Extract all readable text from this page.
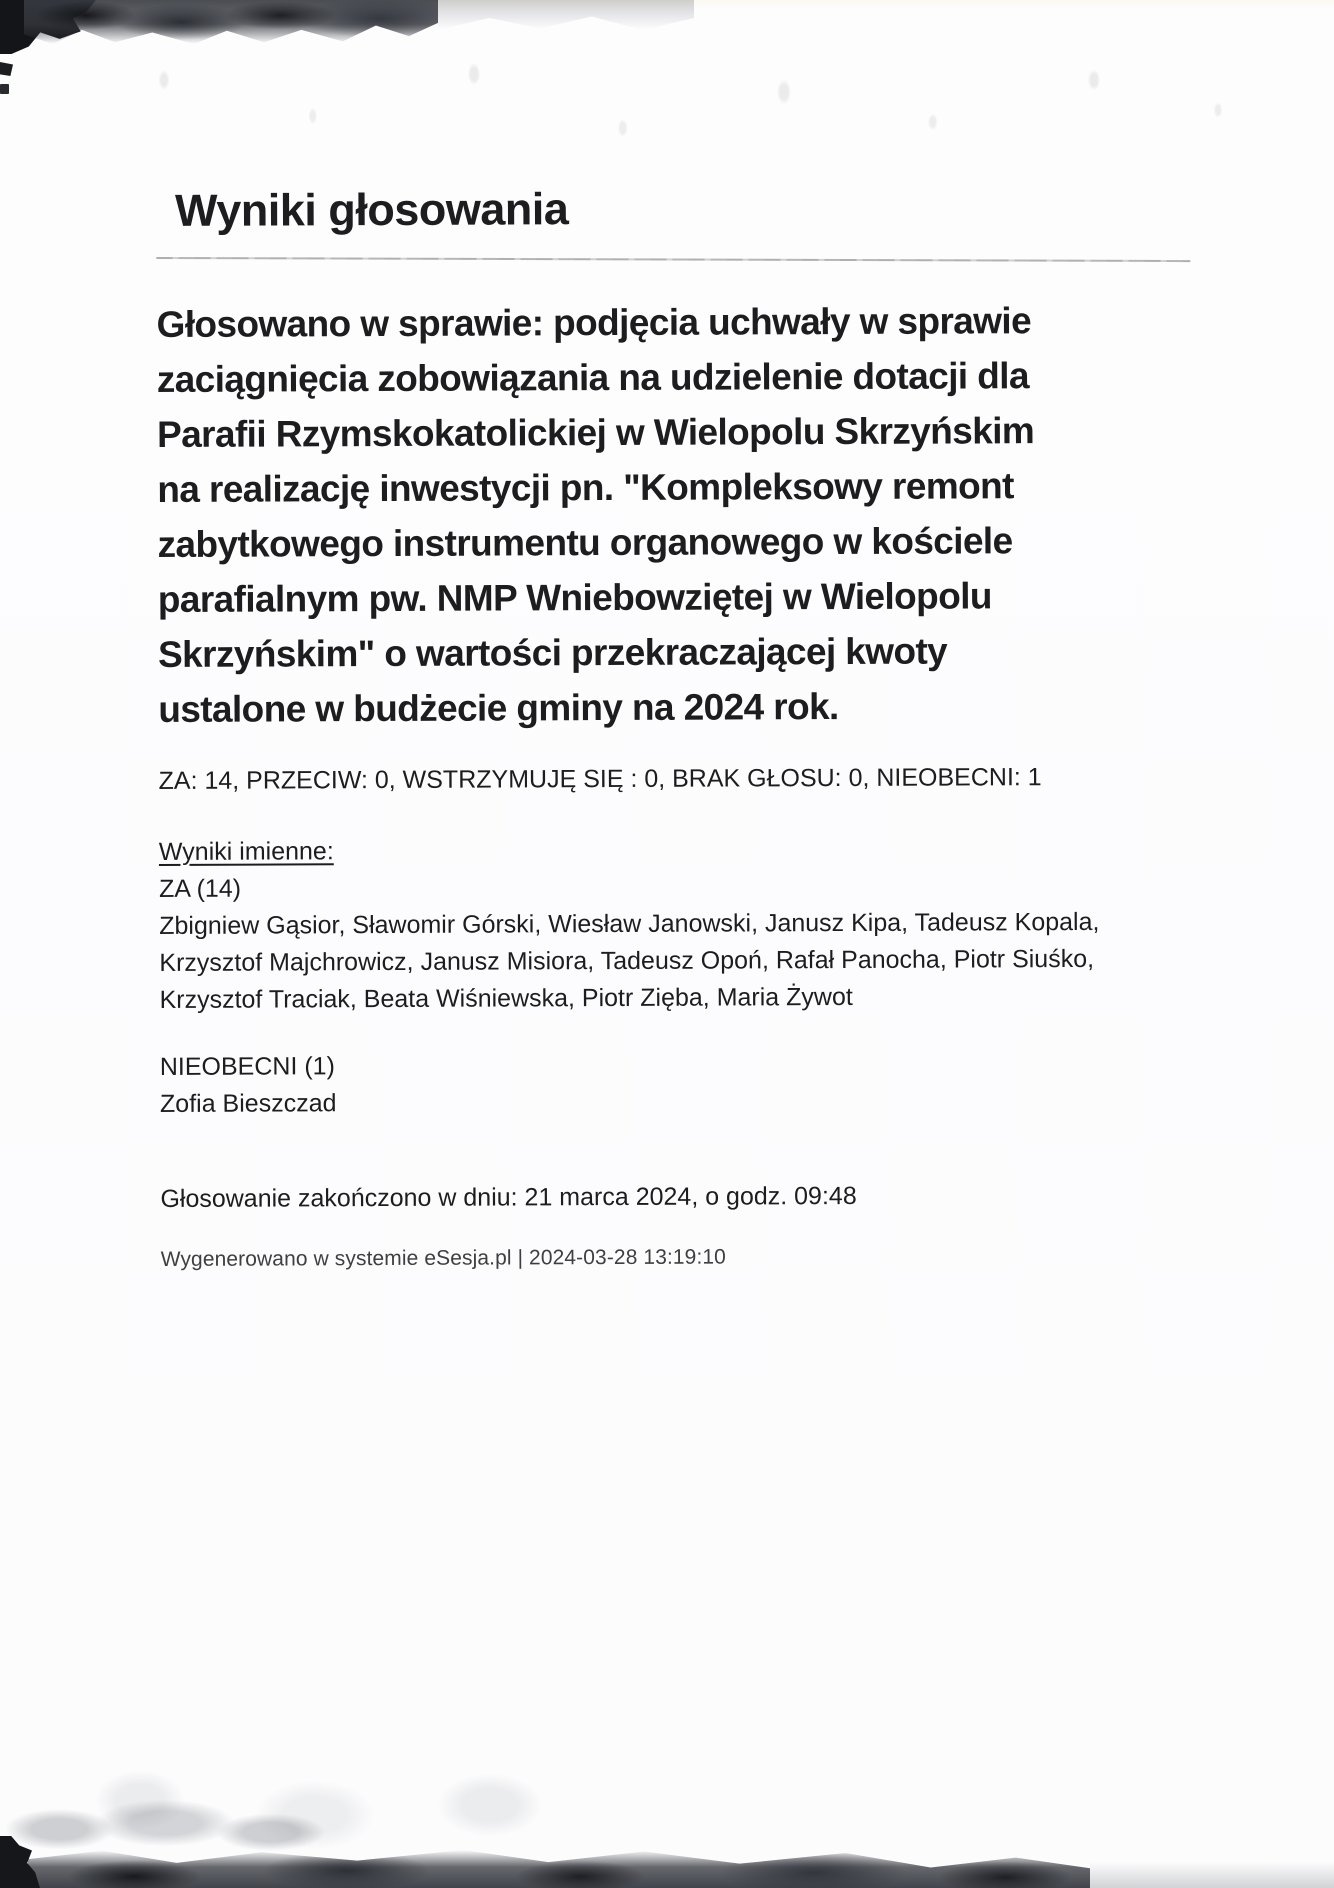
Wyniki głosowania
Głosowano w sprawie: podjęcia uchwały w sprawie
zaciągnięcia zobowiązania na udzielenie dotacji dla
Parafii Rzymskokatolickiej w Wielopolu Skrzyńskim
na realizację inwestycji pn. "Kompleksowy remont
zabytkowego instrumentu organowego w kościele
parafialnym pw. NMP Wniebowziętej w Wielopolu
Skrzyńskim" o wartości przekraczającej kwoty
ustalone w budżecie gminy na 2024 rok.
ZA: 14, PRZECIW: 0, WSTRZYMUJĘ SIĘ : 0, BRAK GŁOSU: 0, NIEOBECNI: 1
Wyniki imienne:
ZA (14)
Zbigniew Gąsior, Sławomir Górski, Wiesław Janowski, Janusz Kipa, Tadeusz Kopala,
Krzysztof Majchrowicz, Janusz Misiora, Tadeusz Opoń, Rafał Panocha, Piotr Siuśko,
Krzysztof Traciak, Beata Wiśniewska, Piotr Zięba, Maria Żywot
NIEOBECNI (1)
Zofia Bieszczad
Głosowanie zakończono w dniu: 21 marca 2024, o godz. 09:48
Wygenerowano w systemie eSesja.pl | 2024-03-28 13:19:10
